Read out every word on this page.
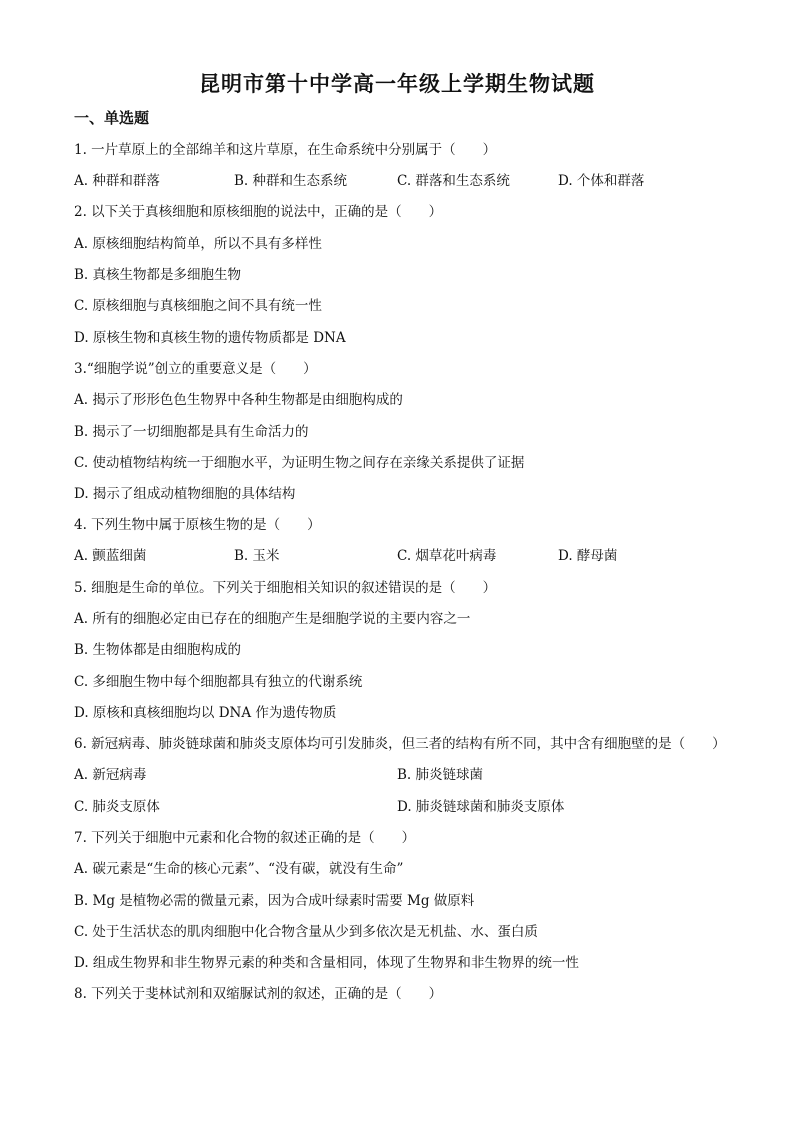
昆明市第十中学高一年级上学期生物试题
一、单选题
1. 一片草原上的全部绵羊和这片草原，在生命系统中分别属于（　　）
A. 种群和群落	B. 种群和生态系统	C. 群落和生态系统	D. 个体和群落
2. 以下关于真核细胞和原核细胞的说法中，正确的是（　　）
A. 原核细胞结构简单，所以不具有多样性
B. 真核生物都是多细胞生物
C. 原核细胞与真核细胞之间不具有统一性
D. 原核生物和真核生物的遗传物质都是 DNA
3.“细胞学说”创立的重要意义是（　　）
A. 揭示了形形色色生物界中各种生物都是由细胞构成的
B. 揭示了一切细胞都是具有生命活力的
C. 使动植物结构统一于细胞水平，为证明生物之间存在亲缘关系提供了证据
D. 揭示了组成动植物细胞的具体结构
4. 下列生物中属于原核生物的是（　　）
A. 颤蓝细菌	B. 玉米	C. 烟草花叶病毒	D. 酵母菌
5. 细胞是生命的单位。下列关于细胞相关知识的叙述错误的是（　　）
A. 所有的细胞必定由已存在的细胞产生是细胞学说的主要内容之一
B. 生物体都是由细胞构成的
C. 多细胞生物中每个细胞都具有独立的代谢系统
D. 原核和真核细胞均以 DNA 作为遗传物质
6. 新冠病毒、肺炎链球菌和肺炎支原体均可引发肺炎，但三者的结构有所不同，其中含有细胞壁的是（　　）
A. 新冠病毒	B. 肺炎链球菌
C. 肺炎支原体	D. 肺炎链球菌和肺炎支原体
7. 下列关于细胞中元素和化合物的叙述正确的是（　　）
A. 碳元素是“生命的核心元素”、“没有碳，就没有生命”
B. Mg 是植物必需的微量元素，因为合成叶绿素时需要 Mg 做原料
C. 处于生活状态的肌肉细胞中化合物含量从少到多依次是无机盐、水、蛋白质
D. 组成生物界和非生物界元素的种类和含量相同，体现了生物界和非生物界的统一性
8. 下列关于斐林试剂和双缩脲试剂的叙述，正确的是（　　）
